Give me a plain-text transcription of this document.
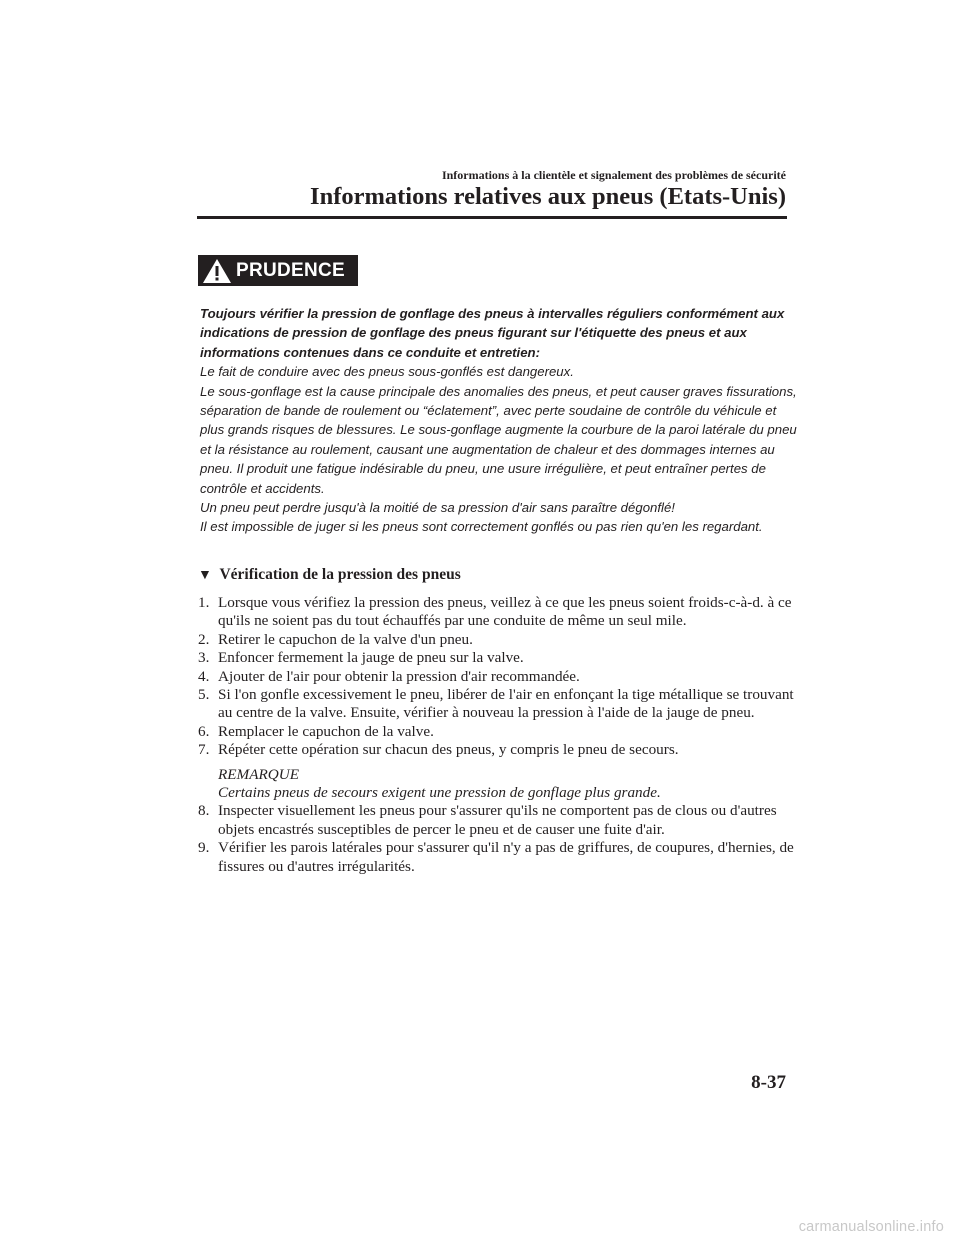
Informations à la clientèle et signalement des problèmes de sécurité
Informations relatives aux pneus (Etats-Unis)
PRUDENCE

Toujours vérifier la pression de gonflage des pneus à intervalles réguliers conformément aux indications de pression de gonflage des pneus figurant sur l'étiquette des pneus et aux informations contenues dans ce conduite et entretien:

Le fait de conduire avec des pneus sous-gonflés est dangereux.

Le sous-gonflage est la cause principale des anomalies des pneus, et peut causer graves fissurations, séparation de bande de roulement ou “éclatement”, avec perte soudaine de contrôle du véhicule et plus grands risques de blessures. Le sous-gonflage augmente la courbure de la paroi latérale du pneu et la résistance au roulement, causant une augmentation de chaleur et des dommages internes au pneu. Il produit une fatigue indésirable du pneu, une usure irrégulière, et peut entraîner pertes de contrôle et accidents.

Un pneu peut perdre jusqu'à la moitié de sa pression d'air sans paraître dégonflé!

Il est impossible de juger si les pneus sont correctement gonflés ou pas rien qu'en les regardant.

▼ Vérification de la pression des pneus

1. Lorsque vous vérifiez la pression des pneus, veillez à ce que les pneus soient froids-c-à-d. à ce qu'ils ne soient pas du tout échauffés par une conduite de même un seul mile.

2. Retirer le capuchon de la valve d'un pneu.

3. Enfoncer fermement la jauge de pneu sur la valve.

4. Ajouter de l'air pour obtenir la pression d'air recommandée.

5. Si l'on gonfle excessivement le pneu, libérer de l'air en enfonçant la tige métallique se trouvant au centre de la valve. Ensuite, vérifier à nouveau la pression à l'aide de la jauge de pneu.

6. Remplacer le capuchon de la valve.

7. Répéter cette opération sur chacun des pneus, y compris le pneu de secours.

REMARQUE
Certains pneus de secours exigent une pression de gonflage plus grande.

8. Inspecter visuellement les pneus pour s'assurer qu'ils ne comportent pas de clous ou d'autres objets encastrés susceptibles de percer le pneu et de causer une fuite d'air.

9. Vérifier les parois latérales pour s'assurer qu'il n'y a pas de griffures, de coupures, d'hernies, de fissures ou d'autres irrégularités.

8-37
carmanualsonline.info
